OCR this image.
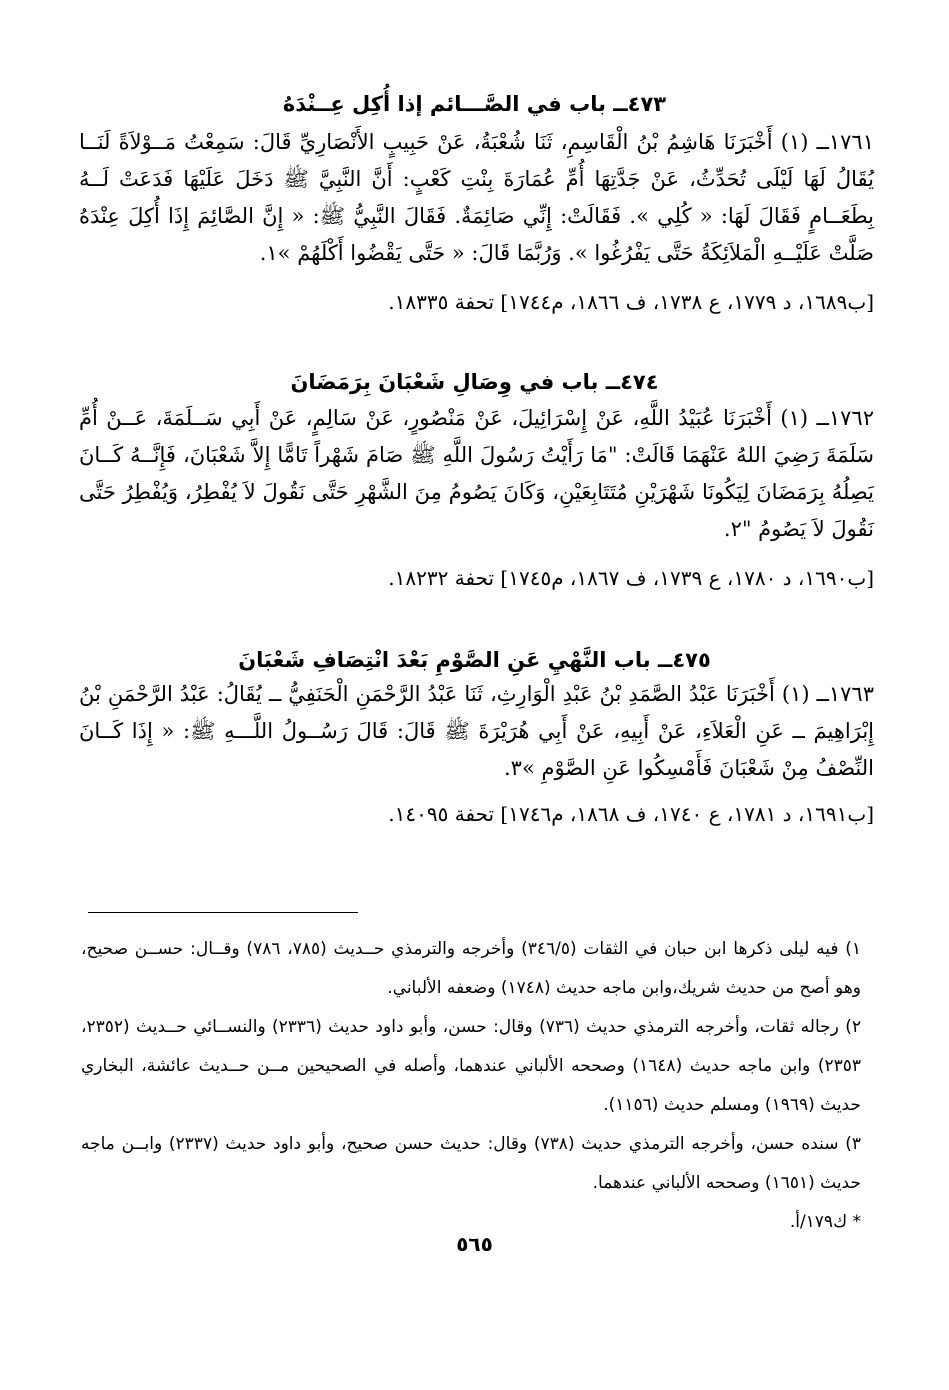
٤٧٣ــ باب في الصَّـــائم إذا أُكِل عِــنْدَهُ

١٧٦١ــ (١) أَخْبَرَنَا هَاشِمُ بْنُ الْقَاسِمِ، ثَنَا شُعْبَةُ، عَنْ حَبِيبٍ الأَنْصَارِيِّ قَالَ: سَمِعْتُ مَــوْلاَةً لَنَــا يُقَالُ لَهَا لَيْلَى تُحَدِّثُ، عَنْ جَدَّتِهَا أُمِّ عُمَارَةَ بِنْتِ كَعْبٍ: أَنَّ النَّبِيَّ ﷺ دَخَلَ عَلَيْهَا فَدَعَتْ لَــهُ بِطَعَــامٍ فَقَالَ لَهَا: « كُلِي ». فَقَالَتْ: إِنِّي صَائِمَةٌ. فَقَالَ النَّبِيُّ ﷺ: « إِنَّ الصَّائِمَ إِذَا أُكِلَ عِنْدَهُ صَلَّتْ عَلَيْــهِ الْمَلاَئِكَةُ حَتَّى يَفْرُغُوا ». وَرُبَّمَا قَالَ: « حَتَّى يَقْضُوا أَكْلَهُمْ »١.

[ب١٦٨٩، د ١٧٧٩، ع ١٧٣٨، ف ١٨٦٦، م١٧٤٤] تحفة ١٨٣٣٥.
٤٧٤ــ باب في وِصَالِ شَعْبَانَ بِرَمَضَانَ

١٧٦٢ــ (١) أَخْبَرَنَا عُبَيْدُ اللَّهِ، عَنْ إِسْرَائِيلَ، عَنْ مَنْصُورٍ، عَنْ سَالِمٍ، عَنْ أَبِي سَــلَمَةَ، عَــنْ أُمِّ سَلَمَةَ رَضِيَ اللهُ عَنْهَمَا قَالَتْ: "مَا رَأَيْتُ رَسُولَ اللَّهِ ﷺ صَامَ شَهْراً تَامًّا إِلاَّ شَعْبَانَ، فَإِنَّــهُ كَــانَ يَصِلُهُ بِرَمَضَانَ لِيَكُونَا شَهْرَيْنِ مُتَتَابِعَيْنِ، وَكَانَ يَصُومُ مِنَ الشَّهْرِ حَتَّى نَقُولَ لاَ يُفْطِرُ، وَيُفْطِرُ حَتَّى نَقُولَ لاَ يَصُومُ "٢.

[ب١٦٩٠، د ١٧٨٠، ع ١٧٣٩، ف ١٨٦٧، م١٧٤٥] تحفة ١٨٢٣٢.
٤٧٥ــ باب النَّهْيِ عَنِ الصَّوْمِ بَعْدَ انْتِصَافِ شَعْبَانَ

١٧٦٣ــ (١) أَخْبَرَنَا عَبْدُ الصَّمَدِ بْنُ عَبْدِ الْوَارِثِ، ثَنَا عَبْدُ الرَّحْمَنِ الْحَنَفِيُّ ــ يُقَالُ: عَبْدُ الرَّحْمَنِ بْنُ إِبْرَاهِيمَ ــ عَنِ الْعَلاَءِ، عَنْ أَبِيهِ، عَنْ أَبِي هُرَيْرَةَ ﷺ قَالَ: قَالَ رَسُــولُ اللَّـــهِ ﷺ: « إِذَا كَــانَ النِّصْفُ مِنْ شَعْبَانَ فَأَمْسِكُوا عَنِ الصَّوْمِ »٣.

[ب١٦٩١، د ١٧٨١، ع ١٧٤٠، ف ١٨٦٨، م١٧٤٦] تحفة ١٤٠٩٥.

١) فيه ليلى ذكرها ابن حبان في الثقات (٣٤٦/٥) وأخرجه والترمذي حــديث (٧٨٥، ٧٨٦) وقــال: حســن صحيح، وهو أصح من حديث شريك،وابن ماجه حديث (١٧٤٨) وضعفه الألباني.

٢) رجاله ثقات، وأخرجه الترمذي حديث (٧٣٦) وقال: حسن، وأبو داود حديث (٢٣٣٦) والنســائي حــديث (٢٣٥٢، ٢٣٥٣) وابن ماجه حديث (١٦٤٨) وصححه الألباني عندهما، وأصله في الصحيحين مــن حــديث عائشة، البخاري حديث (١٩٦٩) ومسلم حديث (١١٥٦).

٣) سنده حسن، وأخرجه الترمذي حديث (٧٣٨) وقال: حديث حسن صحيح، وأبو داود حديث (٢٣٣٧) وابــن ماجه حديث (١٦٥١) وصححه الألباني عندهما.

* ك١٧٩/أ.

٥٦٥
